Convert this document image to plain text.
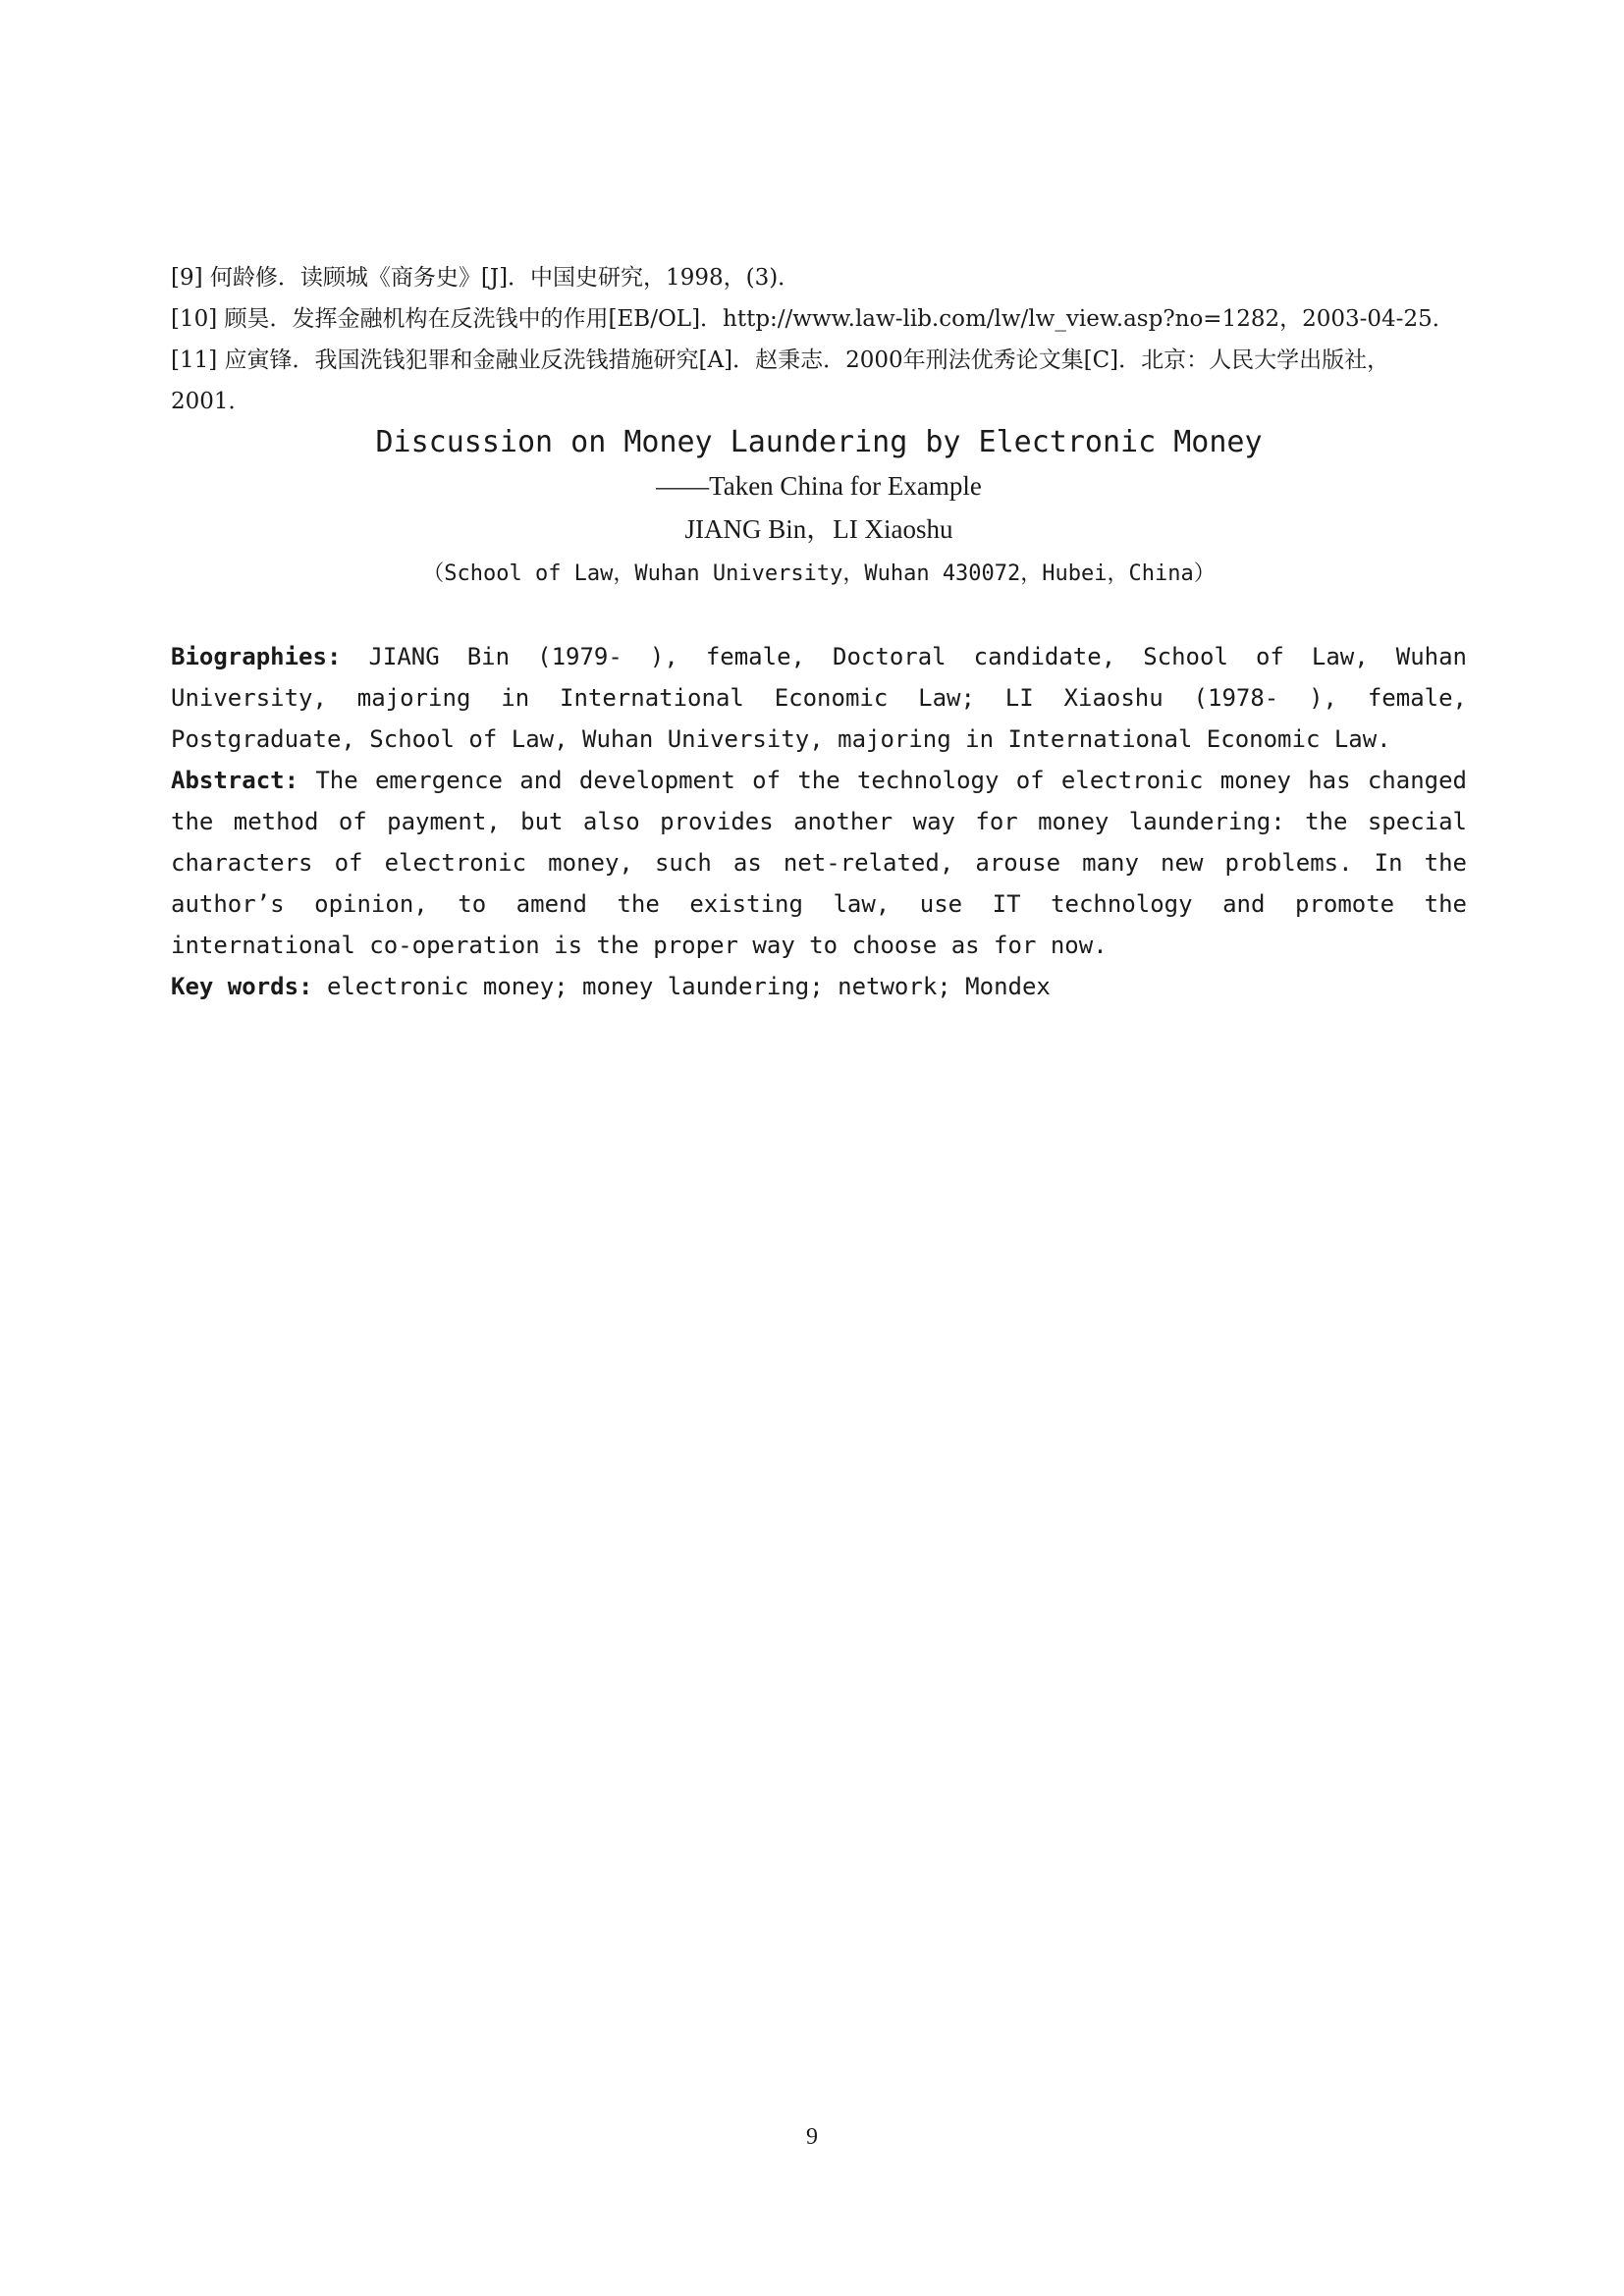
[9] 何龄修．读顾城《商务史》[J]．中国史研究，1998，(3)．

[10] 顾昊．发挥金融机构在反洗钱中的作用[EB/OL]．http://www.law-lib.com/lw/lw_view.asp?no=1282，2003-04-25．

[11] 应寅锋．我国洗钱犯罪和金融业反洗钱措施研究[A]．赵秉志．2000年刑法优秀论文集[C]．北京：人民大学出版社，2001．

Discussion on Money Laundering by Electronic Money

——Taken China for Example

JIANG Bin，LI Xiaoshu

（School of Law，Wuhan University，Wuhan 430072，Hubei，China）

Biographies: JIANG Bin (1979- ), female, Doctoral candidate, School of Law, Wuhan University, majoring in International Economic Law; LI Xiaoshu (1978- ), female, Postgraduate, School of Law, Wuhan University, majoring in International Economic Law.

Abstract: The emergence and development of the technology of electronic money has changed the method of payment, but also provides another way for money laundering: the special characters of electronic money, such as net-related, arouse many new problems. In the author’s opinion, to amend the existing law, use IT technology and promote the international co-operation is the proper way to choose as for now.

Key words: electronic money; money laundering; network; Mondex

9
